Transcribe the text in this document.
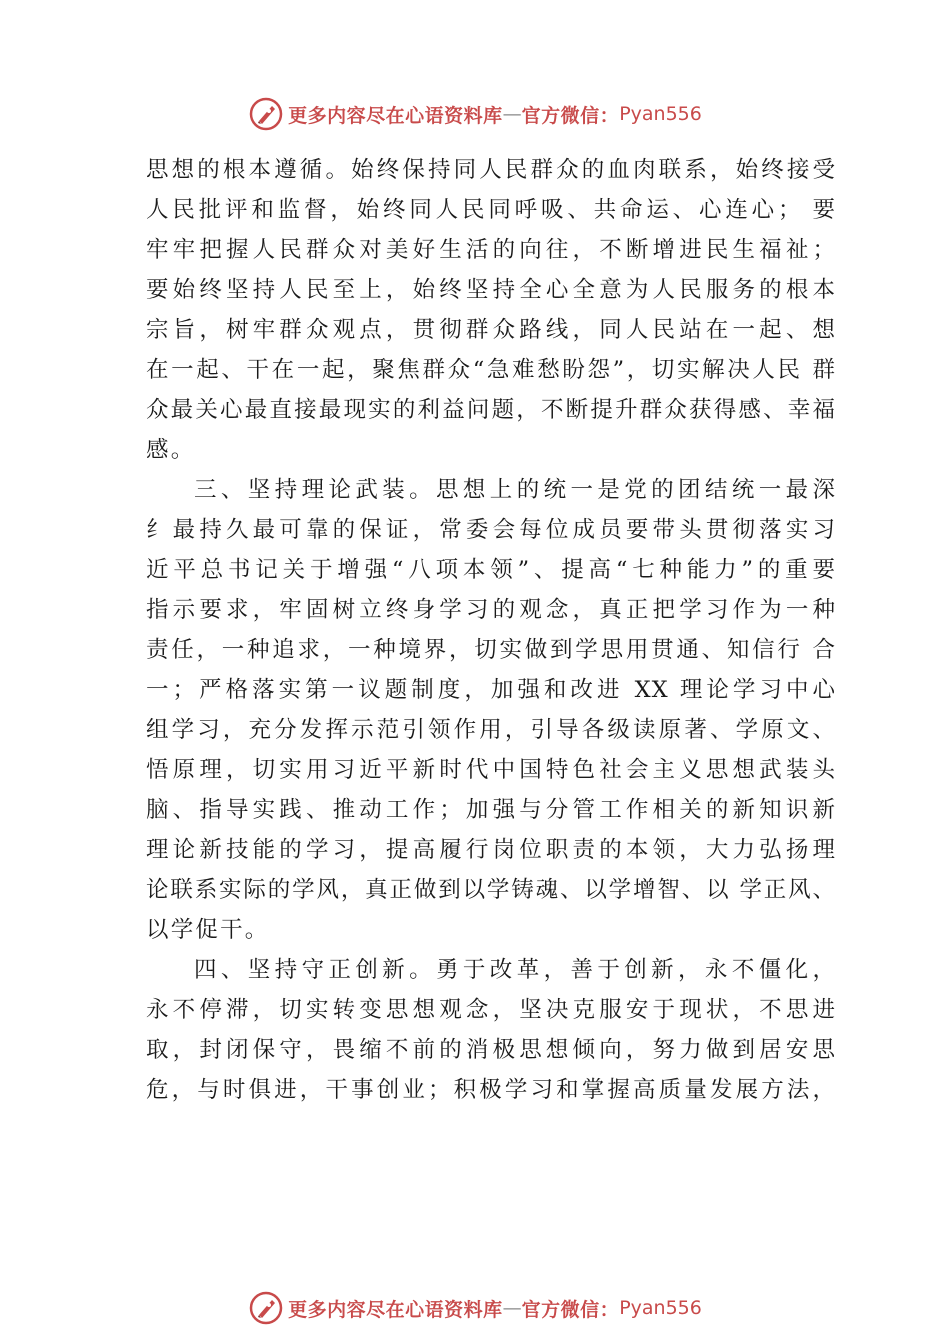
更多内容尽在心语资料库 — 官方微信： Pyan556
思想的根本遵循。始终保持同人民群众的血肉联系，始终接受
人民批评和监督，始终同人民同呼吸、共命运、心连心； 要
牢牢把握人民群众对美好生活的向往，不断增进民生福祉；
要始终坚持人民至上，始终坚持全心全意为人民服务的根本
宗旨，树牢群众观点，贯彻群众路线，同人民站在一起、想
在一起、干在一起，聚焦群众“急难愁盼怨”，切实解决人民 群
众最关心最直接最现实的利益问题，不断提升群众获得感、幸福
感。
三、坚持理论武装。思想上的统一是党的团结统一最深
纟最持久最可靠的保证，常委会每位成员要带头贯彻落实习
近平总书记关于增强“八项本领”、提高“七种能力”的重要
指示要求，牢固树立终身学习的观念，真正把学习作为一种
责任，一种追求，一种境界，切实做到学思用贯通、知信行 合
一；严格落实第一议题制度，加强和改进 XX 理论学习中心
组学习，充分发挥示范引领作用，引导各级读原著、学原文、
悟原理，切实用习近平新时代中国特色社会主义思想武装头
脑、指导实践、推动工作；加强与分管工作相关的新知识新
理论新技能的学习，提高履行岗位职责的本领，大力弘扬理
论联系实际的学风，真正做到以学铸魂、以学增智、以 学正风、
以学促干。
四、坚持守正创新。勇于改革，善于创新，永不僵化，
永不停滞，切实转变思想观念，坚决克服安于现状，不思进
取，封闭保守，畏缩不前的消极思想倾向，努力做到居安思
危，与时俱进，干事创业；积极学习和掌握高质量发展方法，
更多内容尽在心语资料库 — 官方微信： Pyan556
